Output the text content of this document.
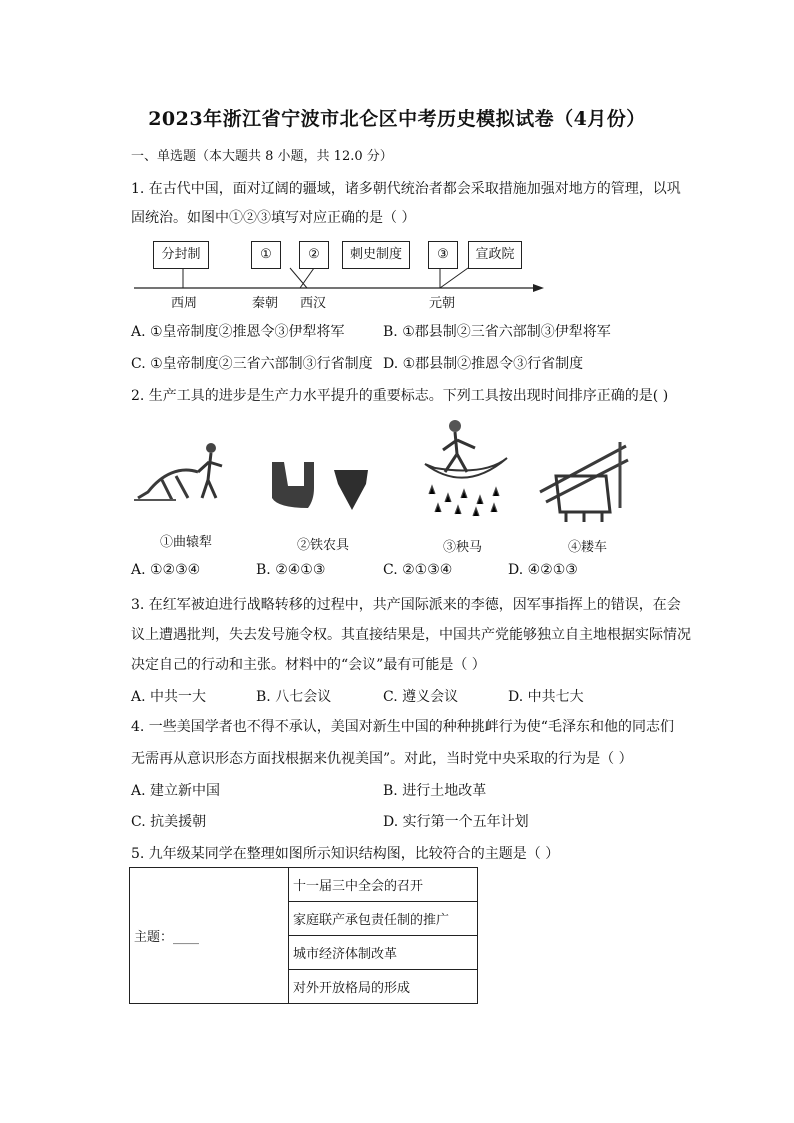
2023年浙江省宁波市北仑区中考历史模拟试卷（4月份）
一、单选题（本大题共 8 小题，共 12.0 分）
1. 在古代中国，面对辽阔的疆域，诸多朝代统治者都会采取措施加强对地方的管理，以巩
固统治。如图中①②③填写对应正确的是（ ）
分封制	①	②	刺史制度	③	宣政院
西周	秦朝 西汉	元朝
A. ①皇帝制度②推恩令③伊犁将军	B. ①郡县制②三省六部制③伊犁将军
C. ①皇帝制度②三省六部制③行省制度 D. ①郡县制②推恩令③行省制度
2. 生产工具的进步是生产力水平提升的重要标志。下列工具按出现时间排序正确的是( )
①曲辕犁	②铁农具	③秧马	④耧车
A. ①②③④	B. ②④①③	C. ②①③④	D. ④②①③
3. 在红军被迫进行战略转移的过程中，共产国际派来的李德，因军事指挥上的错误，在会
议上遭遇批判，失去发号施令权。其直接结果是，中国共产党能够独立自主地根据实际情况
决定自己的行动和主张。材料中的“会议”最有可能是（ ）
A. 中共一大	B. 八七会议	C. 遵义会议	D. 中共七大
4. 一些美国学者也不得不承认，美国对新生中国的种种挑衅行为使“毛泽东和他的同志们
无需再从意识形态方面找根据来仇视美国”。对此，当时党中央采取的行为是（ ）
A. 建立新中国	B. 进行土地改革
C. 抗美援朝	D. 实行第一个五年计划
5. 九年级某同学在整理如图所示知识结构图，比较符合的主题是（ ）
主题：____	十一届三中全会的召开
家庭联产承包责任制的推广
城市经济体制改革
对外开放格局的形成
